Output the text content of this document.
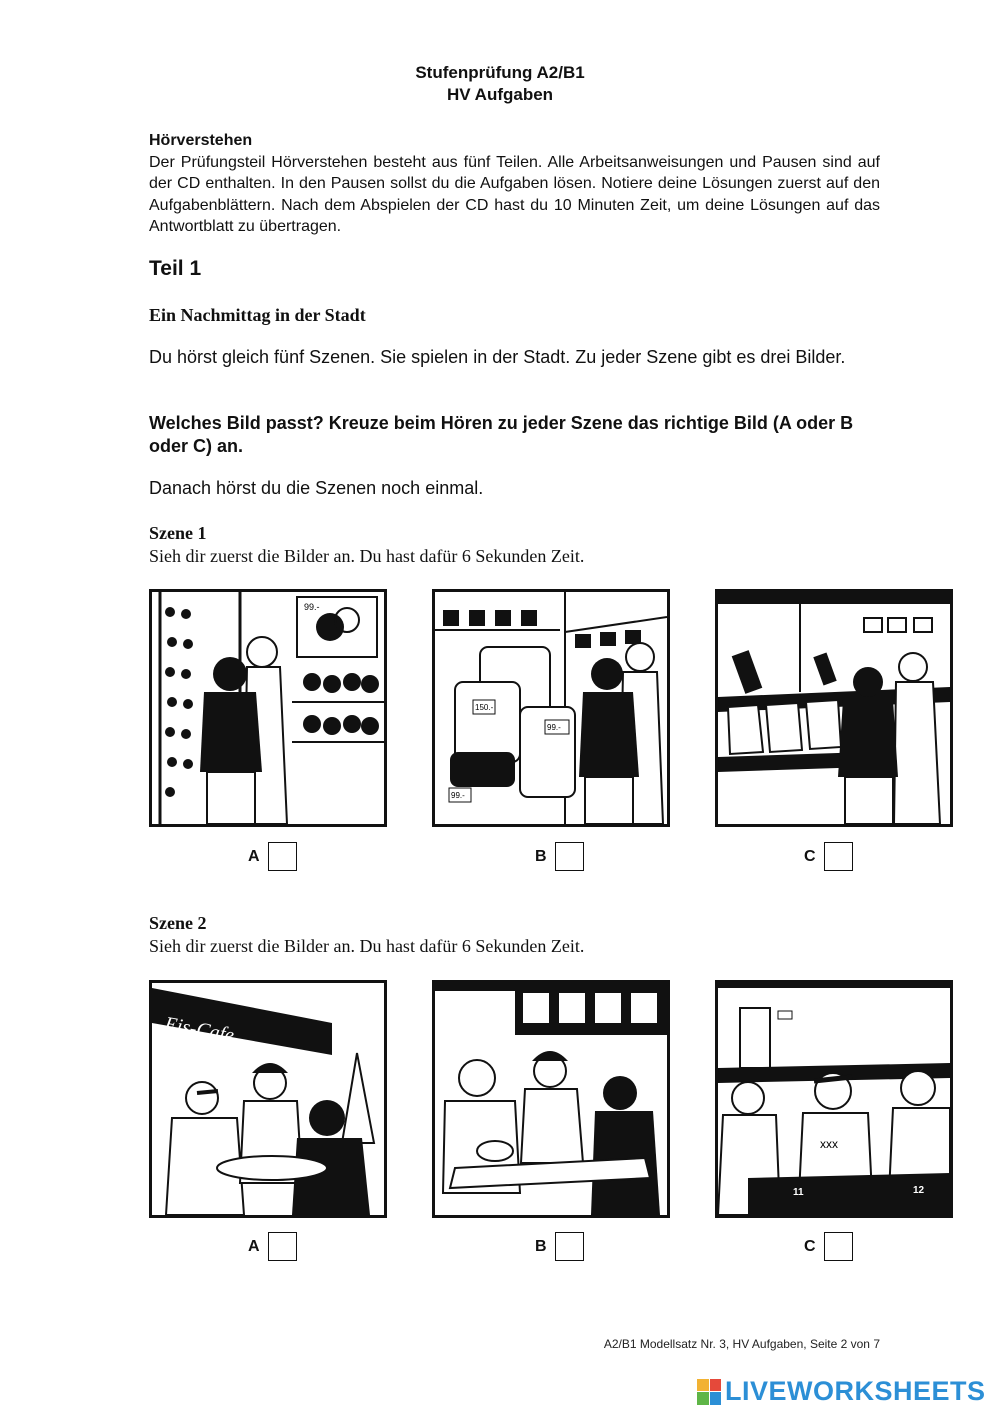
Stufenprüfung A2/B1
HV Aufgaben
Hörverstehen
Der Prüfungsteil Hörverstehen besteht aus fünf Teilen. Alle Arbeitsanweisungen und Pausen sind auf der CD enthalten. In den Pausen sollst du die Aufgaben lösen. Notiere deine Lösungen zuerst auf den Aufgabenblättern. Nach dem Abspielen der CD hast du 10 Minuten Zeit, um deine Lösungen auf das Antwortblatt zu übertragen.
Teil 1
Ein Nachmittag in der Stadt
Du hörst gleich fünf Szenen. Sie spielen in der Stadt. Zu jeder Szene gibt es drei Bilder.
Welches Bild passt? Kreuze beim Hören zu jeder Szene das richtige Bild (A oder B oder C) an.
Danach hörst du die Szenen noch einmal.
Szene 1
Sieh dir zuerst die Bilder an. Du hast dafür 6 Sekunden Zeit.
99.-
A
150.-
99.-
99.-
B	C
Szene 2
Sieh dir zuerst die Bilder an. Du hast dafür 6 Sekunden Zeit.
Eis-Cafe
A	B
xxx
11	12
C
A2/B1 Modellsatz Nr. 3, HV Aufgaben, Seite 2 von 7
LIVEWORKSHEETS
